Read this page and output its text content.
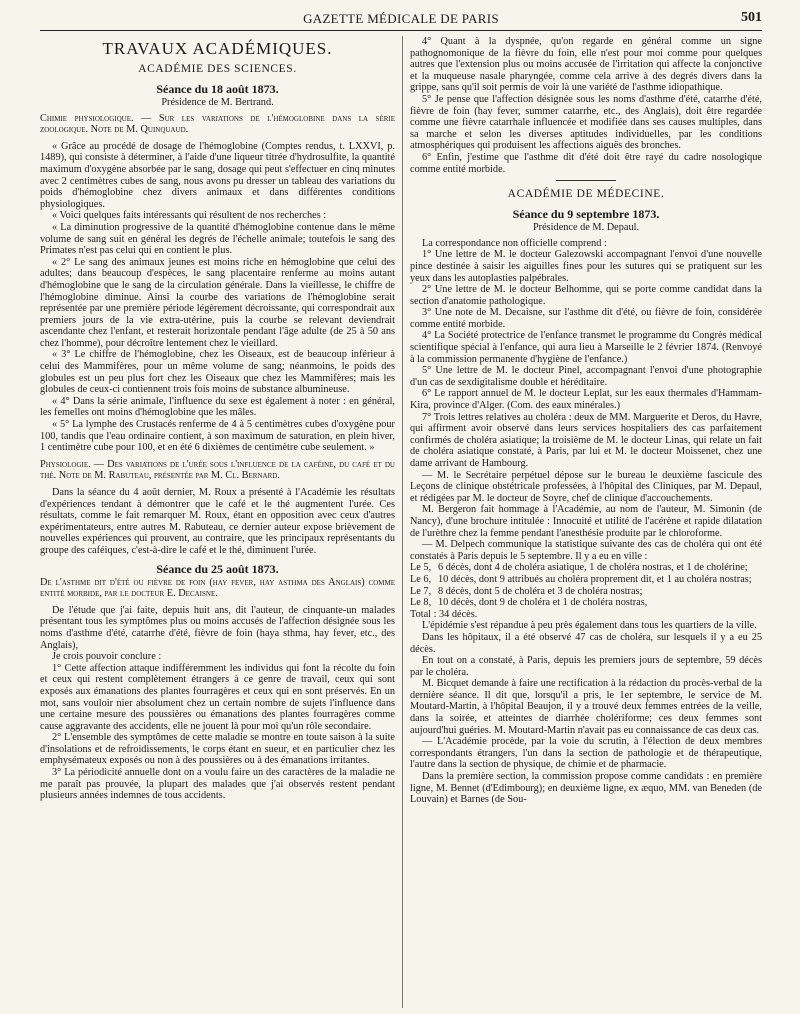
GAZETTE MÉDICALE DE PARIS	501
TRAVAUX ACADÉMIQUES.
ACADÉMIE DES SCIENCES.
Séance du 18 août 1873.
Présidence de M. Bertrand.

Chimie physiologique. — Sur les variations de l'hémoglobine dans la série zoologique. Note de M. Quinquaud.

« Grâce au procédé de dosage de l'hémoglobine (Comptes rendus, t. LXXVI, p. 1489), qui consiste à déterminer, à l'aide d'une liqueur titrée d'hydrosulfite, la quantité maximum d'oxygène absorbée par le sang, dosage qui peut s'effectuer en cinq minutes avec 2 centimètres cubes de sang, nous avons pu dresser un tableau des variations du poids d'hémoglobine chez divers animaux et dans différentes conditions physiologiques.

« Voici quelques faits intéressants qui résultent de nos recherches :

« La diminution progressive de la quantité d'hémoglobine contenue dans le même volume de sang suit en général les degrés de l'échelle animale; toutefois le sang des Primates n'est pas celui qui en contient le plus.

« 2° Le sang des animaux jeunes est moins riche en hémoglobine que celui des adultes; dans beaucoup d'espèces, le sang placentaire renferme au moins autant d'hémoglobine que le sang de la circulation générale. Dans la vieillesse, le chiffre de l'hémoglobine diminue. Ainsi la courbe des variations de l'hémoglobine serait représentée par une première période légèrement décroissante, qui correspondrait aux premiers jours de la vie extra-utérine, puis la courbe se relevant deviendrait ascendante chez l'enfant, et resterait horizontale pendant l'âge adulte (de 25 à 50 ans chez l'homme), pour décroître lentement chez le vieillard.

« 3° Le chiffre de l'hémoglobine, chez les Oiseaux, est de beaucoup inférieur à celui des Mammifères, pour un même volume de sang; néanmoins, le poids des globules est un peu plus fort chez les Oiseaux que chez les Mammifères; mais les globules de ceux-ci contiennent trois fois moins de substance albumineuse.

« 4° Dans la série animale, l'influence du sexe est également à noter : en général, les femelles ont moins d'hémoglobine que les mâles.

« 5° La lymphe des Crustacés renferme de 4 à 5 centimètres cubes d'oxygène pour 100, tandis que l'eau ordinaire contient, à son maximum de saturation, en plein hiver, 1 centimètre cube pour 100, et en été 6 dixièmes de centimètre cube seulement. »

Physiologie. — Des variations de l'urée sous l'influence de la caféine, du café et du thé. Note de M. Rabuteau, présentée par M. Cl. Bernard.

Dans la séance du 4 août dernier, M. Roux a présenté à l'Académie les résultats d'expériences tendant à démontrer que le café et le thé augmentent l'urée. Ces résultats, comme le fait remarquer M. Roux, étant en opposition avec ceux d'autres expérimentateurs, entre autres M. Rabuteau, ce dernier auteur expose brièvement de nouvelles expériences qui prouvent, au contraire, que les principaux représentants du groupe des caféiques, c'est-à-dire le café et le thé, diminuent l'urée.

Séance du 25 août 1873.

De l'asthme dit d'été ou fièvre de foin (hay fever, hay asthma des Anglais) comme entité morbide, par le docteur E. Decaisne.

De l'étude que j'ai faite, depuis huit ans, dit l'auteur, de cinquante-un malades présentant tous les symptômes plus ou moins accusés de l'affection désignée sous les noms d'asthme d'été, catarrhe d'été, fièvre de foin (haya sthma, hay fever, etc., des Anglais),

Je crois pouvoir conclure :

1° Cette affection attaque indifféremment les individus qui font la récolte du foin et ceux qui restent complètement étrangers à ce genre de travail, ceux qui sont exposés aux émanations des plantes fourragères et ceux qui en sont préservés. En un mot, sans vouloir nier absolument chez un certain nombre de sujets l'influence dans une certaine mesure des poussières ou émanations des plantes fourragères comme cause aggravante des accidents, elle ne jouent là pour moi qu'un rôle secondaire.

2° L'ensemble des symptômes de cette maladie se montre en toute saison à la suite d'insolations et de refroidissements, le corps étant en sueur, et en particulier chez les emphysémateux exposés ou non à des poussières ou à des émanations irritantes.

3° La périodicité annuelle dont on a voulu faire un des caractères de la maladie ne me paraît pas prouvée, la plupart des malades que j'ai observés restent pendant plusieurs années indemnes de tous accidents.

4° Quant à la dyspnée, qu'on regarde en général comme un signe pathognomonique de la fièvre du foin, elle n'est pour moi comme pour quelques autres que l'extension plus ou moins accusée de l'irritation qui affecte la conjonctive et la muqueuse nasale pharyngée, comme cela arrive à des degrés divers dans la grippe, sans qu'il soit permis de voir là une variété de l'asthme idiopathique.

5° Je pense que l'affection désignée sous les noms d'asthme d'été, catarrhe d'été, fièvre de foin (hay fever, summer catarrhe, etc., des Anglais), doit être regardée comme une fièvre catarrhale influencée et modifiée dans ses causes multiples, dans sa marche et selon les diverses aptitudes individuelles, par les conditions atmosphériques qui produisent les affections aiguës des bronches.

6° Enfin, j'estime que l'asthme dit d'été doit être rayé du cadre nosologique comme entité morbide.

ACADÉMIE DE MÉDECINE.
Séance du 9 septembre 1873.
Présidence de M. Depaul.

La correspondance non officielle comprend :

1° Une lettre de M. le docteur Galezowski accompagnant l'envoi d'une nouvelle pince destinée à saisir les aiguilles fines pour les sutures qui se pratiquent sur les yeux dans les autoplasties palpébrales.

2° Une lettre de M. le docteur Belhomme, qui se porte comme candidat dans la section d'anatomie pathologique.

3° Une note de M. Decaisne, sur l'asthme dit d'été, ou fièvre de foin, considérée comme entité morbide.

4° La Société protectrice de l'enfance transmet le programme du Congrès médical scientifique spécial à l'enfance, qui aura lieu à Marseille le 2 février 1874. (Renvoyé à la commission permanente d'hygiène de l'enfance.)

5° Une lettre de M. le docteur Pinel, accompagnant l'envoi d'une photographie d'un cas de sexdigitalisme double et héréditaire.

6° Le rapport annuel de M. le docteur Leplat, sur les eaux thermales d'Hammam-Kira, province d'Alger. (Com. des eaux minérales.)

7° Trois lettres relatives au choléra : deux de MM. Marguerite et Deros, du Havre, qui affirment avoir observé dans leurs services hospitaliers des cas parfaitement confirmés de choléra asiatique; la troisième de M. le docteur Linas, qui relate un fait de choléra asiatique constaté, à Paris, par lui et M. le docteur Moissenet, chez une dame arrivant de Hambourg.

— M. le Secrétaire perpétuel dépose sur le bureau le deuxième fascicule des Leçons de clinique obstétricale professées, à l'hôpital des Cliniques, par M. Depaul, et rédigées par M. le docteur de Soyre, chef de clinique d'accouchements.

M. Bergeron fait hommage à l'Académie, au nom de l'auteur, M. Simonin (de Nancy), d'une brochure intitulée : Innocuité et utilité de l'acérène et rapide dilatation de l'urèthre chez la femme pendant l'anesthésie produite par le chloroforme.

— M. Delpech communique la statistique suivante des cas de choléra qui ont été constatés à Paris depuis le 5 septembre. Il y a eu en ville :

Le 5, 6 décès, dont 4 de choléra asiatique, 1 de choléra nostras, et 1 de cholérine;
Le 6, 10 décès, dont 9 attribués au choléra proprement dit, et 1 au choléra nostras;
Le 7, 8 décès, dont 5 de choléra et 3 de choléra nostras;
Le 8, 10 décès, dont 9 de choléra et 1 de choléra nostras,

Total : 34 décès.

L'épidémie s'est répandue à peu près également dans tous les quartiers de la ville.

Dans les hôpitaux, il a été observé 47 cas de choléra, sur lesquels il y a eu 25 décès.

En tout on a constaté, à Paris, depuis les premiers jours de septembre, 59 décès par le choléra.

M. Bicquet demande à faire une rectification à la rédaction du procès-verbal de la dernière séance. Il dit que, lorsqu'il a pris, le 1er septembre, le service de M. Moutard-Martin, à l'hôpital Beaujon, il y a trouvé deux femmes entrées de la veille, dans la soirée, et atteintes de diarrhée cholériforme; ces deux femmes sont aujourd'hui guéries. M. Moutard-Martin n'avait pas eu connaissance de cas deux cas.

— L'Académie procède, par la voie du scrutin, à l'élection de deux membres correspondants étrangers, l'un dans la section de pathologie et de thérapeutique, l'autre dans la section de physique, de chimie et de pharmacie.

Dans la première section, la commission propose comme candidats : en première ligne, M. Bennet (d'Edimbourg); en deuxième ligne, ex æquo, MM. van Beneden (de Louvain) et Barnes (de Sou-
